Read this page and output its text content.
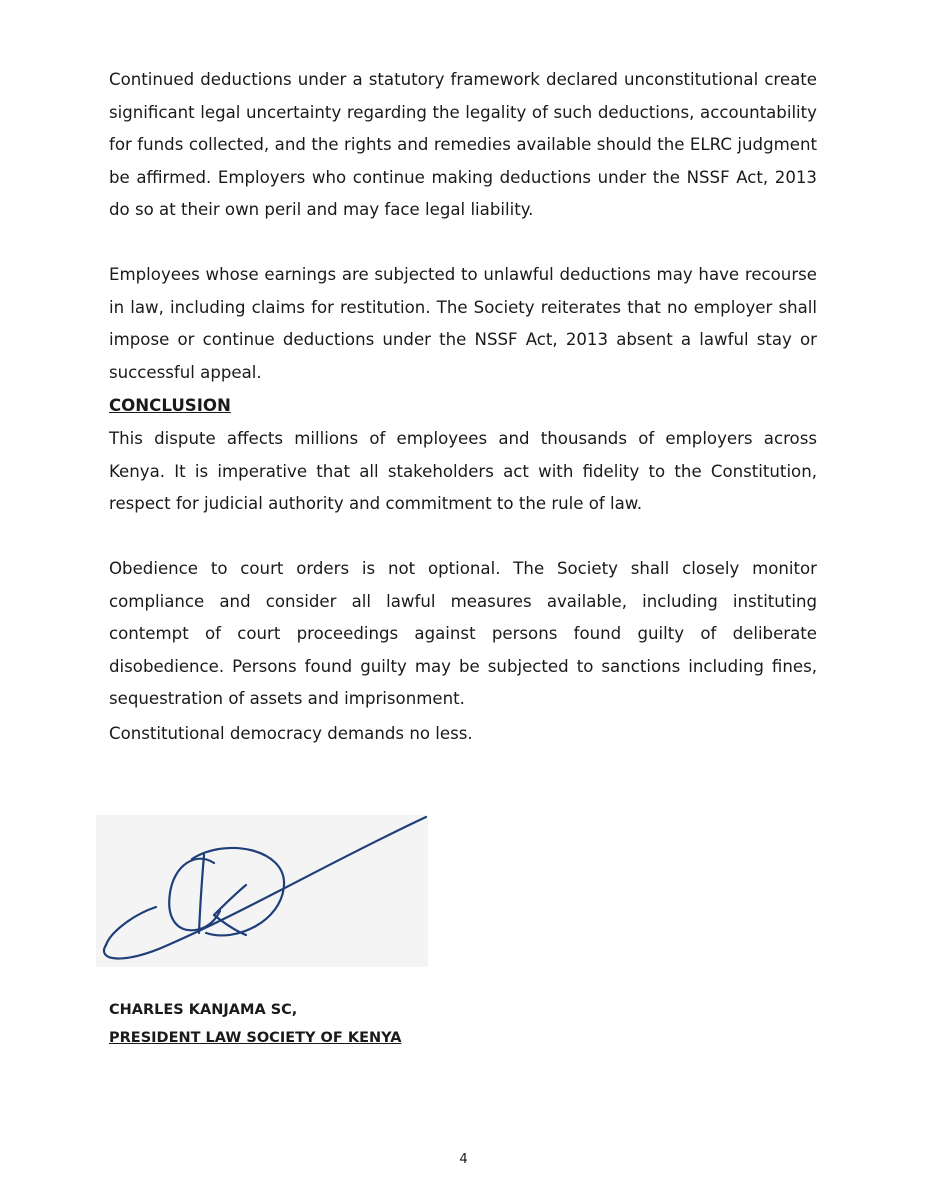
Continued deductions under a statutory framework declared unconstitutional create significant legal uncertainty regarding the legality of such deductions, accountability for funds collected, and the rights and remedies available should the ELRC judgment be affirmed. Employers who continue making deductions under the NSSF Act, 2013 do so at their own peril and may face legal liability.

Employees whose earnings are subjected to unlawful deductions may have recourse in law, including claims for restitution. The Society reiterates that no employer shall impose or continue deductions under the NSSF Act, 2013 absent a lawful stay or successful appeal.

CONCLUSION

This dispute affects millions of employees and thousands of employers across Kenya. It is imperative that all stakeholders act with fidelity to the Constitution, respect for judicial authority and commitment to the rule of law.

Obedience to court orders is not optional. The Society shall closely monitor compliance and consider all lawful measures available, including instituting contempt of court proceedings against persons found guilty of deliberate disobedience. Persons found guilty may be subjected to sanctions including fines, sequestration of assets and imprisonment.

Constitutional democracy demands no less.

CHARLES KANJAMA SC,

PRESIDENT LAW SOCIETY OF KENYA

4
